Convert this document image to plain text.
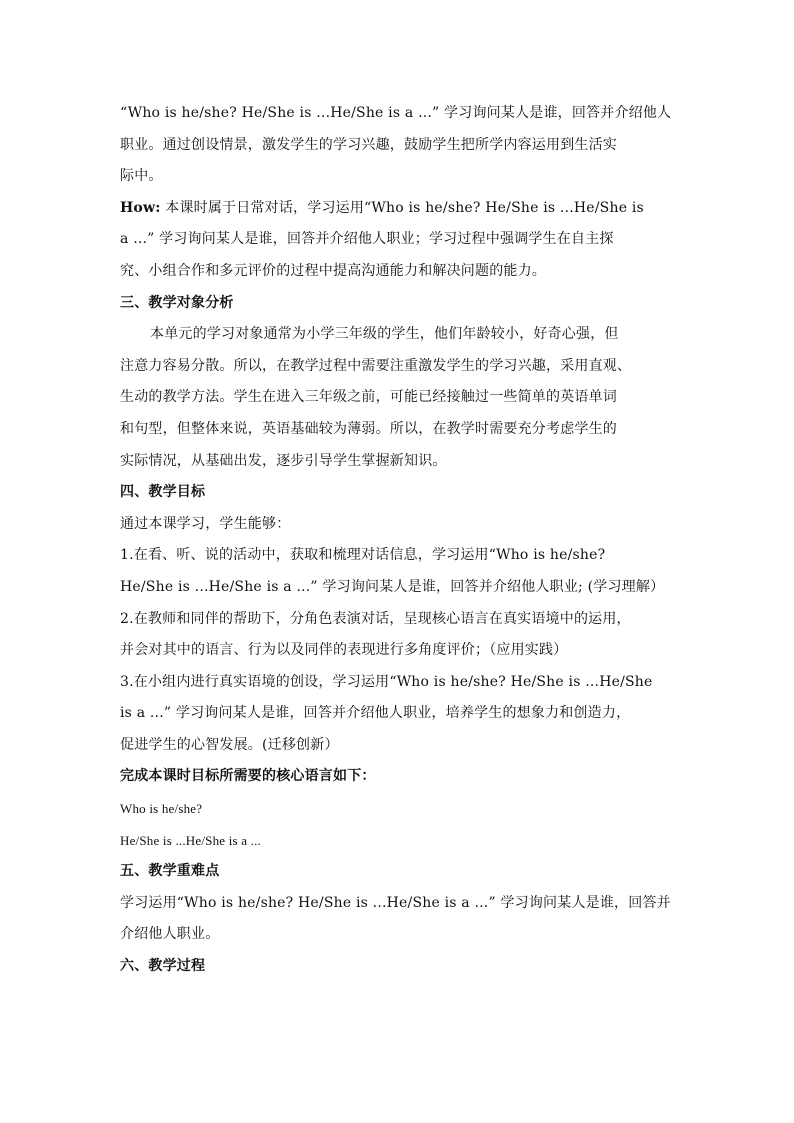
“Who is he/she? He/She is ...He/She is a ...” 学习询问某人是谁，回答并介绍他人
职业。通过创设情景，激发学生的学习兴趣，鼓励学生把所学内容运用到生活实
际中。
How: 本课时属于日常对话，学习运用“Who is he/she? He/She is ...He/She is
a ...” 学习询问某人是谁，回答并介绍他人职业；学习过程中强调学生在自主探
究、小组合作和多元评价的过程中提高沟通能力和解决问题的能力。
三、教学对象分析
本单元的学习对象通常为小学三年级的学生，他们年龄较小，好奇心强，但
注意力容易分散。所以，在教学过程中需要注重激发学生的学习兴趣，采用直观、
生动的教学方法。学生在进入三年级之前，可能已经接触过一些简单的英语单词
和句型，但整体来说，英语基础较为薄弱。所以，在教学时需要充分考虑学生的
实际情况，从基础出发，逐步引导学生掌握新知识。
四、教学目标
通过本课学习，学生能够：
1.在看、听、说的活动中，获取和梳理对话信息，学习运用“Who is he/she?
He/She is ...He/She is a ...” 学习询问某人是谁，回答并介绍他人职业; (学习理解）
2.在教师和同伴的帮助下，分角色表演对话，呈现核心语言在真实语境中的运用，
并会对其中的语言、行为以及同伴的表现进行多角度评价；（应用实践）
3.在小组内进行真实语境的创设，学习运用“Who is he/she? He/She is ...He/She
is a ...” 学习询问某人是谁，回答并介绍他人职业，培养学生的想象力和创造力，
促进学生的心智发展。(迁移创新）
完成本课时目标所需要的核心语言如下：
Who is he/she?
He/She is ...He/She is a ...
五、教学重难点
学习运用“Who is he/she? He/She is ...He/She is a ...” 学习询问某人是谁，回答并
介绍他人职业。
六、教学过程
